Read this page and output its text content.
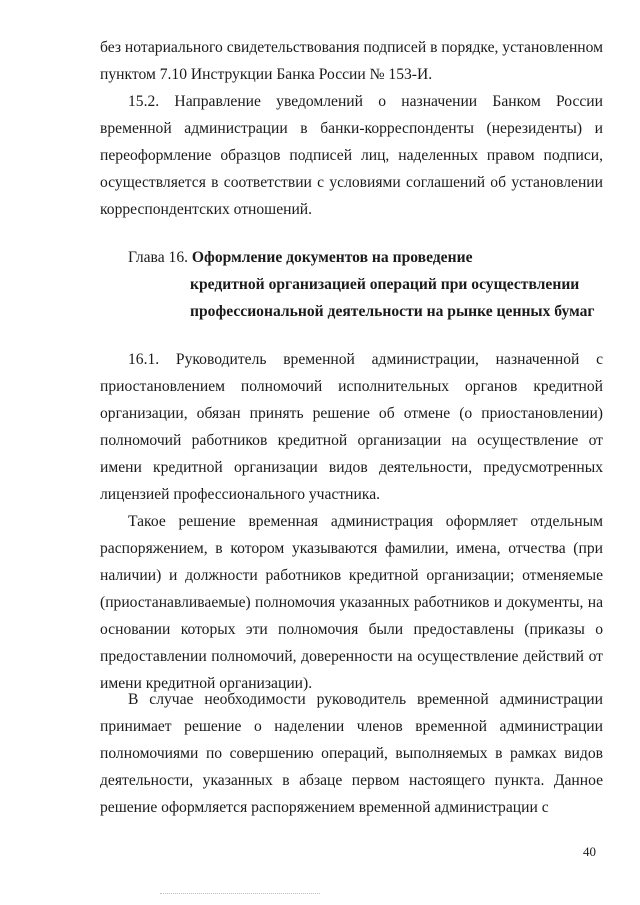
без нотариального свидетельствования подписей в порядке, установленном пунктом 7.10 Инструкции Банка России № 153-И.

15.2. Направление уведомлений о назначении Банком России временной администрации в банки-корреспонденты (нерезиденты) и переоформление образцов подписей лиц, наделенных правом подписи, осуществляется в соответствии с условиями соглашений об установлении корреспондентских отношений.

Глава 16. Оформление документов на проведение
кредитной организацией операций при осуществлении
профессиональной деятельности на рынке ценных бумаг

16.1. Руководитель временной администрации, назначенной с приостановлением полномочий исполнительных органов кредитной организации, обязан принять решение об отмене (о приостановлении) полномочий работников кредитной организации на осуществление от имени кредитной организации видов деятельности, предусмотренных лицензией профессионального участника.

Такое решение временная администрация оформляет отдельным распоряжением, в котором указываются фамилии, имена, отчества (при наличии) и должности работников кредитной организации; отменяемые (приостанавливаемые) полномочия указанных работников и документы, на основании которых эти полномочия были предоставлены (приказы о предоставлении полномочий, доверенности на осуществление действий от имени кредитной организации).

В случае необходимости руководитель временной администрации принимает решение о наделении членов временной администрации полномочиями по совершению операций, выполняемых в рамках видов деятельности, указанных в абзаце первом настоящего пункта. Данное решение оформляется распоряжением временной администрации с

40
